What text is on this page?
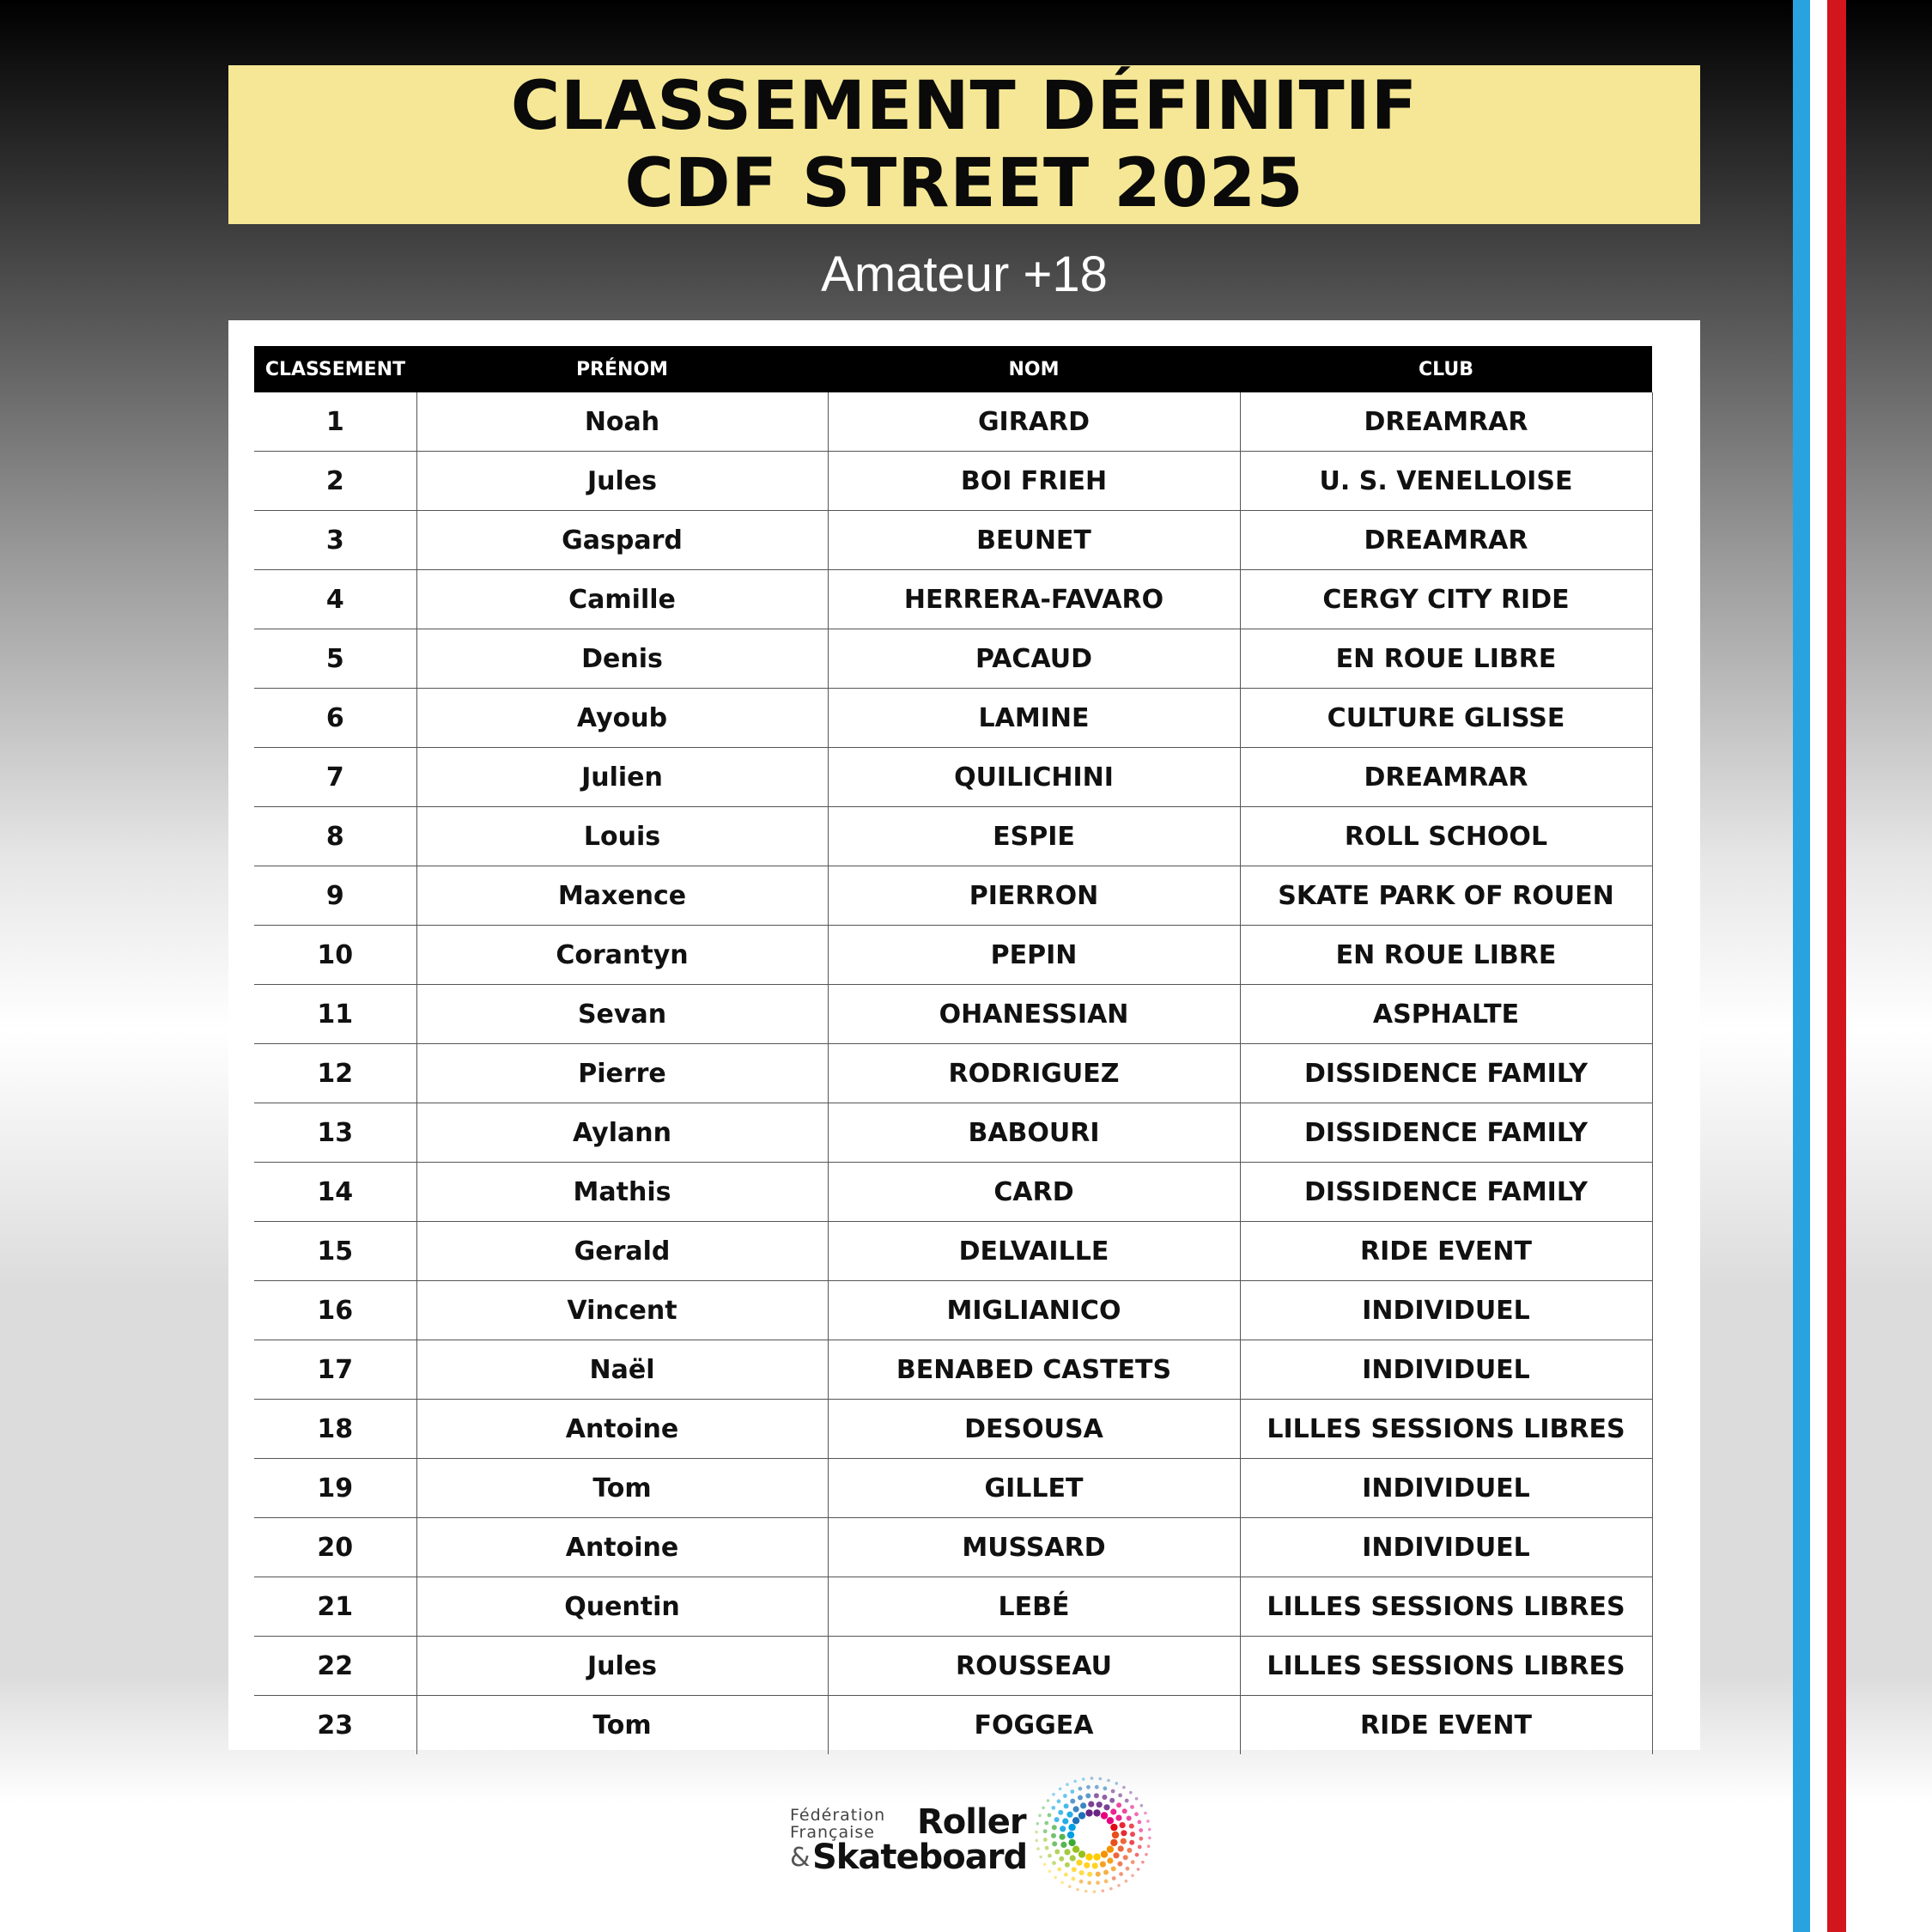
CLASSEMENT DÉFINITIF
CDF STREET 2025
Amateur +18
CLASSEMENT	PRÉNOM	NOM	CLUB
1	Noah	GIRARD	DREAMRAR
2	Jules	BOI FRIEH	U. S. VENELLOISE
3	Gaspard	BEUNET	DREAMRAR
4	Camille	HERRERA-FAVARO	CERGY CITY RIDE
5	Denis	PACAUD	EN ROUE LIBRE
6	Ayoub	LAMINE	CULTURE GLISSE
7	Julien	QUILICHINI	DREAMRAR
8	Louis	ESPIE	ROLL SCHOOL
9	Maxence	PIERRON	SKATE PARK OF ROUEN
10	Corantyn	PEPIN	EN ROUE LIBRE
11	Sevan	OHANESSIAN	ASPHALTE
12	Pierre	RODRIGUEZ	DISSIDENCE FAMILY
13	Aylann	BABOURI	DISSIDENCE FAMILY
14	Mathis	CARD	DISSIDENCE FAMILY
15	Gerald	DELVAILLE	RIDE EVENT
16	Vincent	MIGLIANICO	INDIVIDUEL
17	Naël	BENABED CASTETS	INDIVIDUEL
18	Antoine	DESOUSA	LILLES SESSIONS LIBRES
19	Tom	GILLET	INDIVIDUEL
20	Antoine	MUSSARD	INDIVIDUEL
21	Quentin	LEBÉ	LILLES SESSIONS LIBRES
22	Jules	ROUSSEAU	LILLES SESSIONS LIBRES
23	Tom	FOGGEA	RIDE EVENT
Fédération
Française Roller
& Skateboard
